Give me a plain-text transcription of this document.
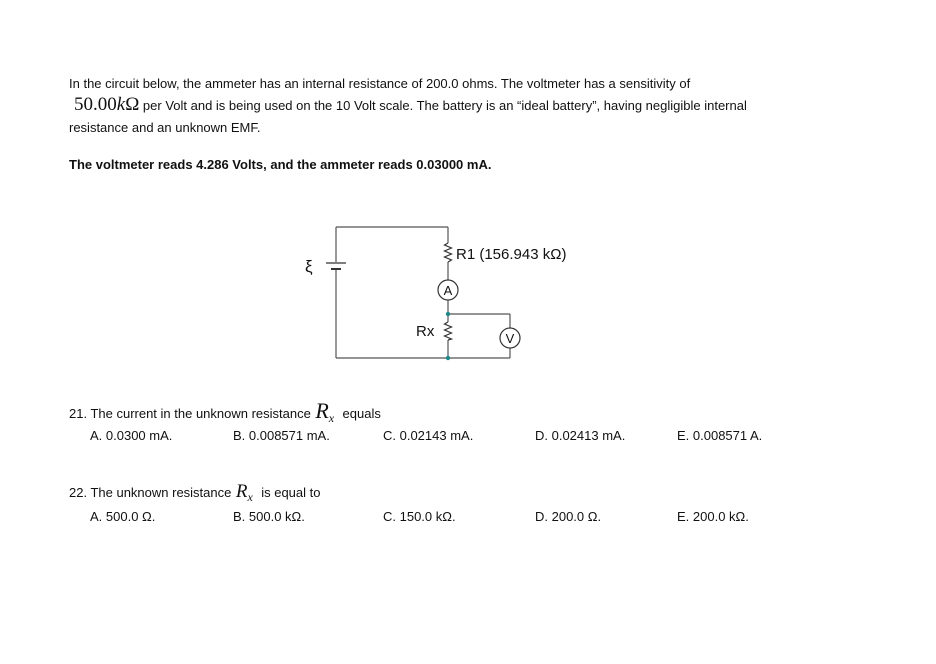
In the circuit below, the ammeter has an internal resistance of 200.0 ohms. The voltmeter has a sensitivity of
50.00kΩ per Volt and is being used on the 10 Volt scale. The battery is an “ideal battery”, having negligible internal
resistance and an unknown EMF.
The voltmeter reads 4.286 Volts, and the ammeter reads 0.03000 mA.
A
V
ξ
R1 (156.943 kΩ)
Rx
21. The current in the unknown resistance $R_x$ equals
A. 0.0300 mA.	B. 0.008571 mA.	C. 0.02143 mA.	D. 0.02413 mA.	E. 0.008571 A.
22. The unknown resistance $R_x$ is equal to
A. 500.0 Ω.	B. 500.0 kΩ.	C. 150.0 kΩ.	D. 200.0 Ω.	E. 200.0 kΩ.
